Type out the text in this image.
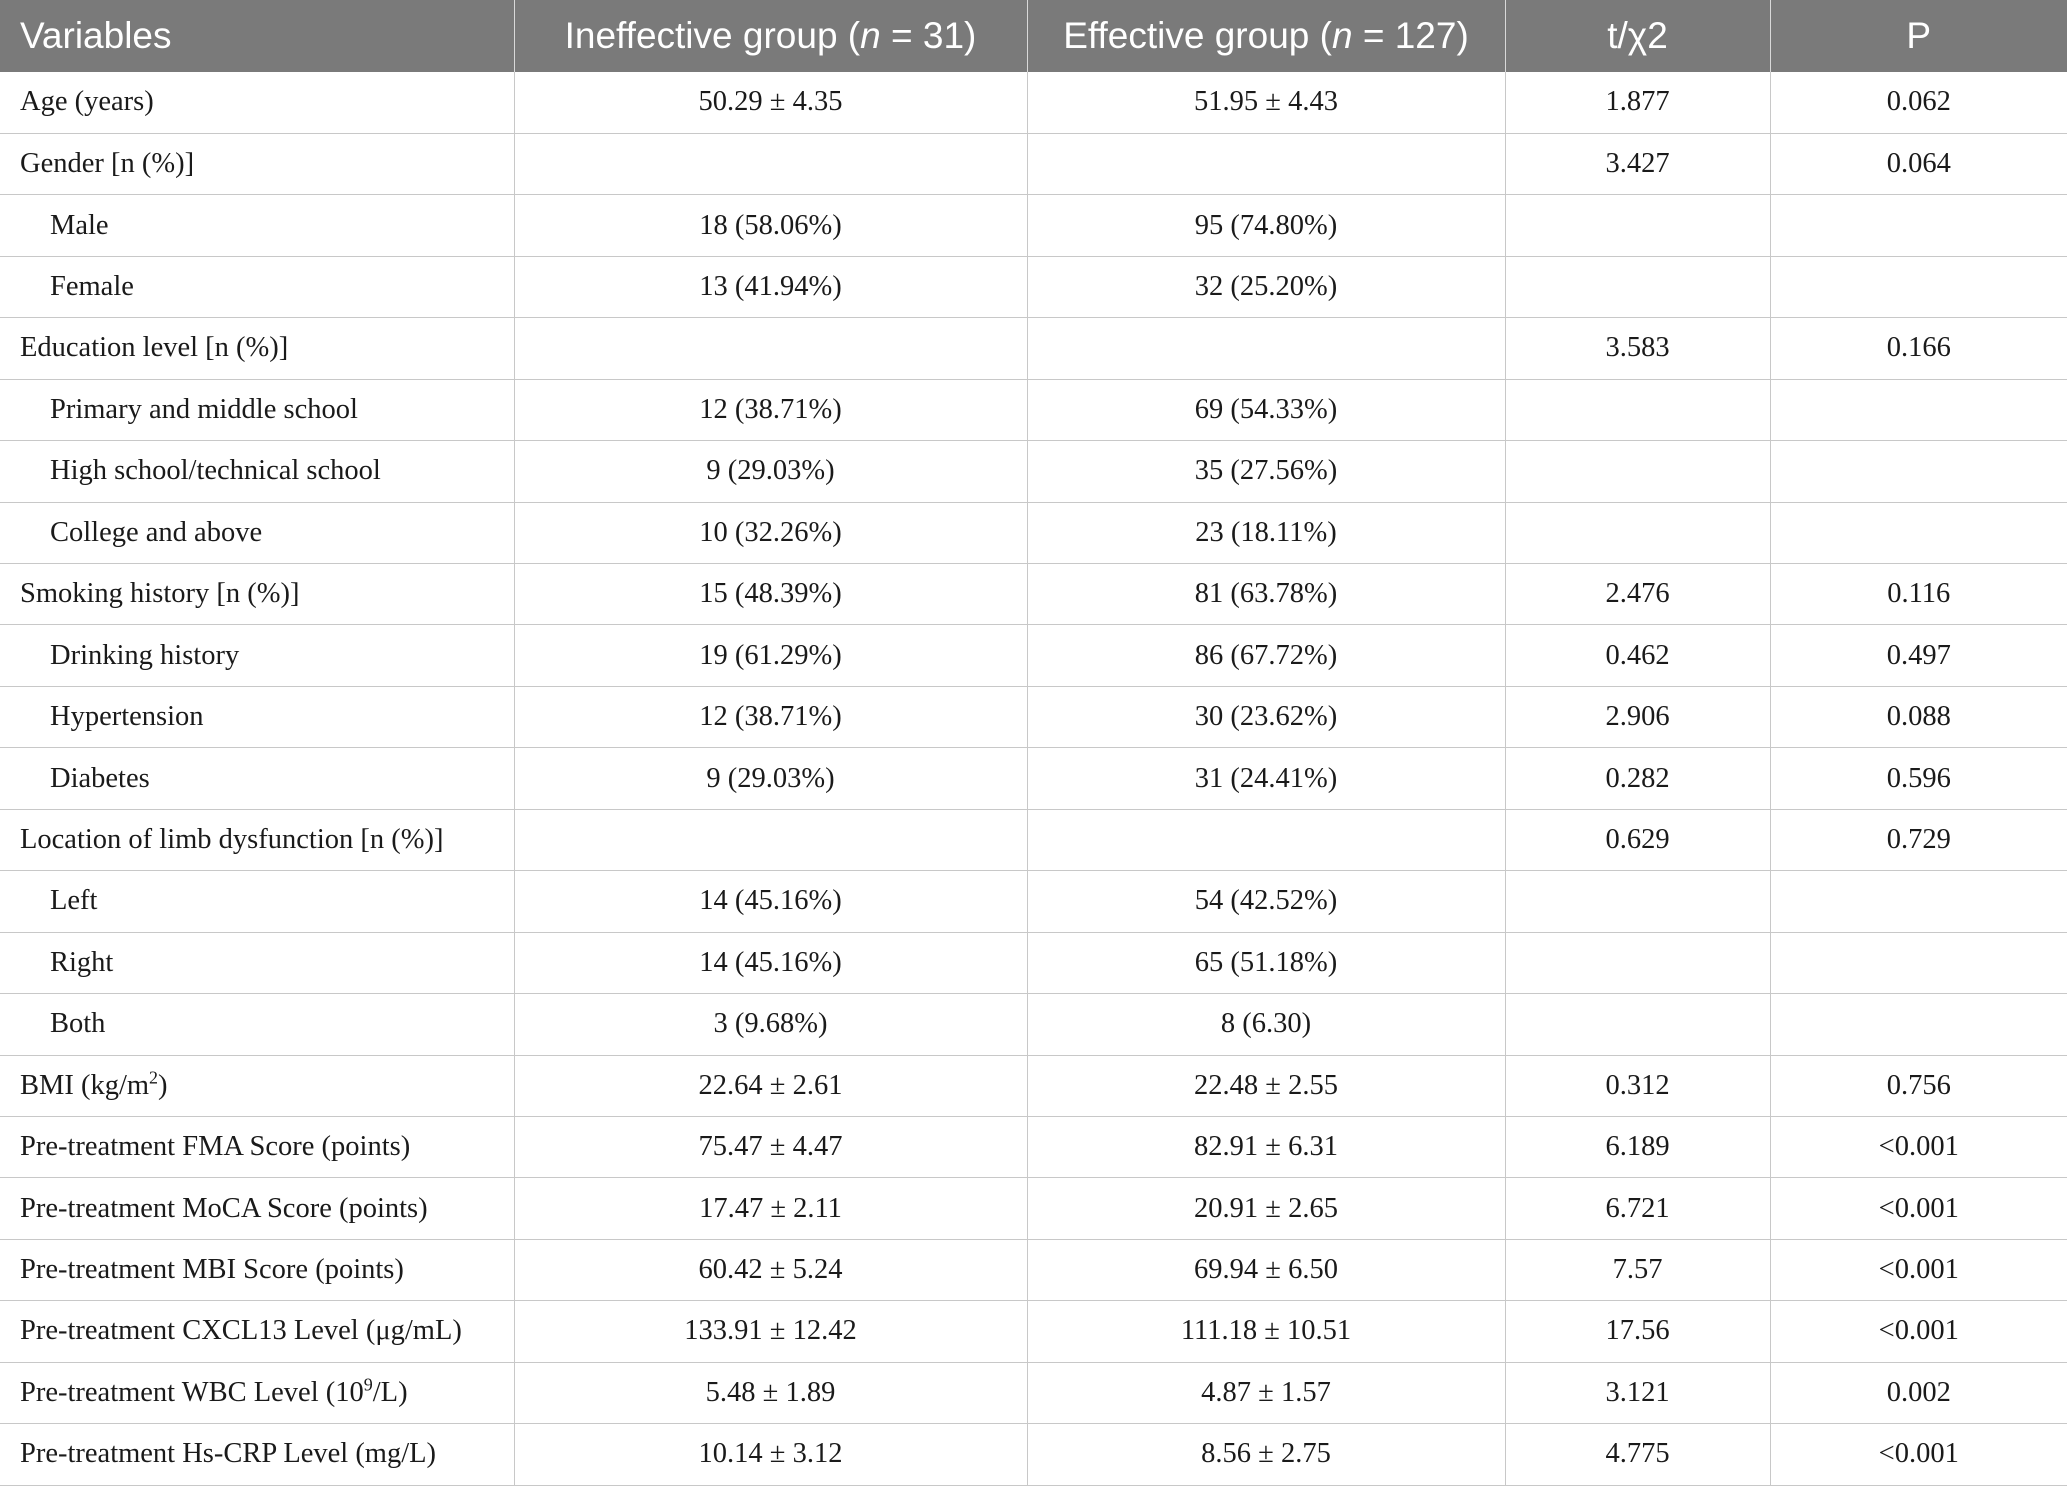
Variables	Ineffective group (n = 31)	Effective group (n = 127)	t/χ2	P
Age (years)	50.29 ± 4.35	51.95 ± 4.43	1.877	0.062
Gender [n (%)]			3.427	0.064
Male	18 (58.06%)	95 (74.80%)		
Female	13 (41.94%)	32 (25.20%)		
Education level [n (%)]			3.583	0.166
Primary and middle school	12 (38.71%)	69 (54.33%)		
High school/technical school	9 (29.03%)	35 (27.56%)		
College and above	10 (32.26%)	23 (18.11%)		
Smoking history [n (%)]	15 (48.39%)	81 (63.78%)	2.476	0.116
Drinking history	19 (61.29%)	86 (67.72%)	0.462	0.497
Hypertension	12 (38.71%)	30 (23.62%)	2.906	0.088
Diabetes	9 (29.03%)	31 (24.41%)	0.282	0.596
Location of limb dysfunction [n (%)]			0.629	0.729
Left	14 (45.16%)	54 (42.52%)		
Right	14 (45.16%)	65 (51.18%)		
Both	3 (9.68%)	8 (6.30)		
BMI $(kg/m^2)$	22.64 ± 2.61	22.48 ± 2.55	0.312	0.756
Pre-treatment FMA Score (points)	75.47 ± 4.47	82.91 ± 6.31	6.189	<0.001
Pre-treatment MoCA Score (points)	17.47 ± 2.11	20.91 ± 2.65	6.721	<0.001
Pre-treatment MBI Score (points)	60.42 ± 5.24	69.94 ± 6.50	7.57	<0.001
Pre-treatment CXCL13 Level (μg/mL)	133.91 ± 12.42	111.18 ± 10.51	17.56	<0.001
Pre-treatment WBC Level $(10^9/L)$	5.48 ± 1.89	4.87 ± 1.57	3.121	0.002
Pre-treatment Hs-CRP Level (mg/L)	10.14 ± 3.12	8.56 ± 2.75	4.775	<0.001
